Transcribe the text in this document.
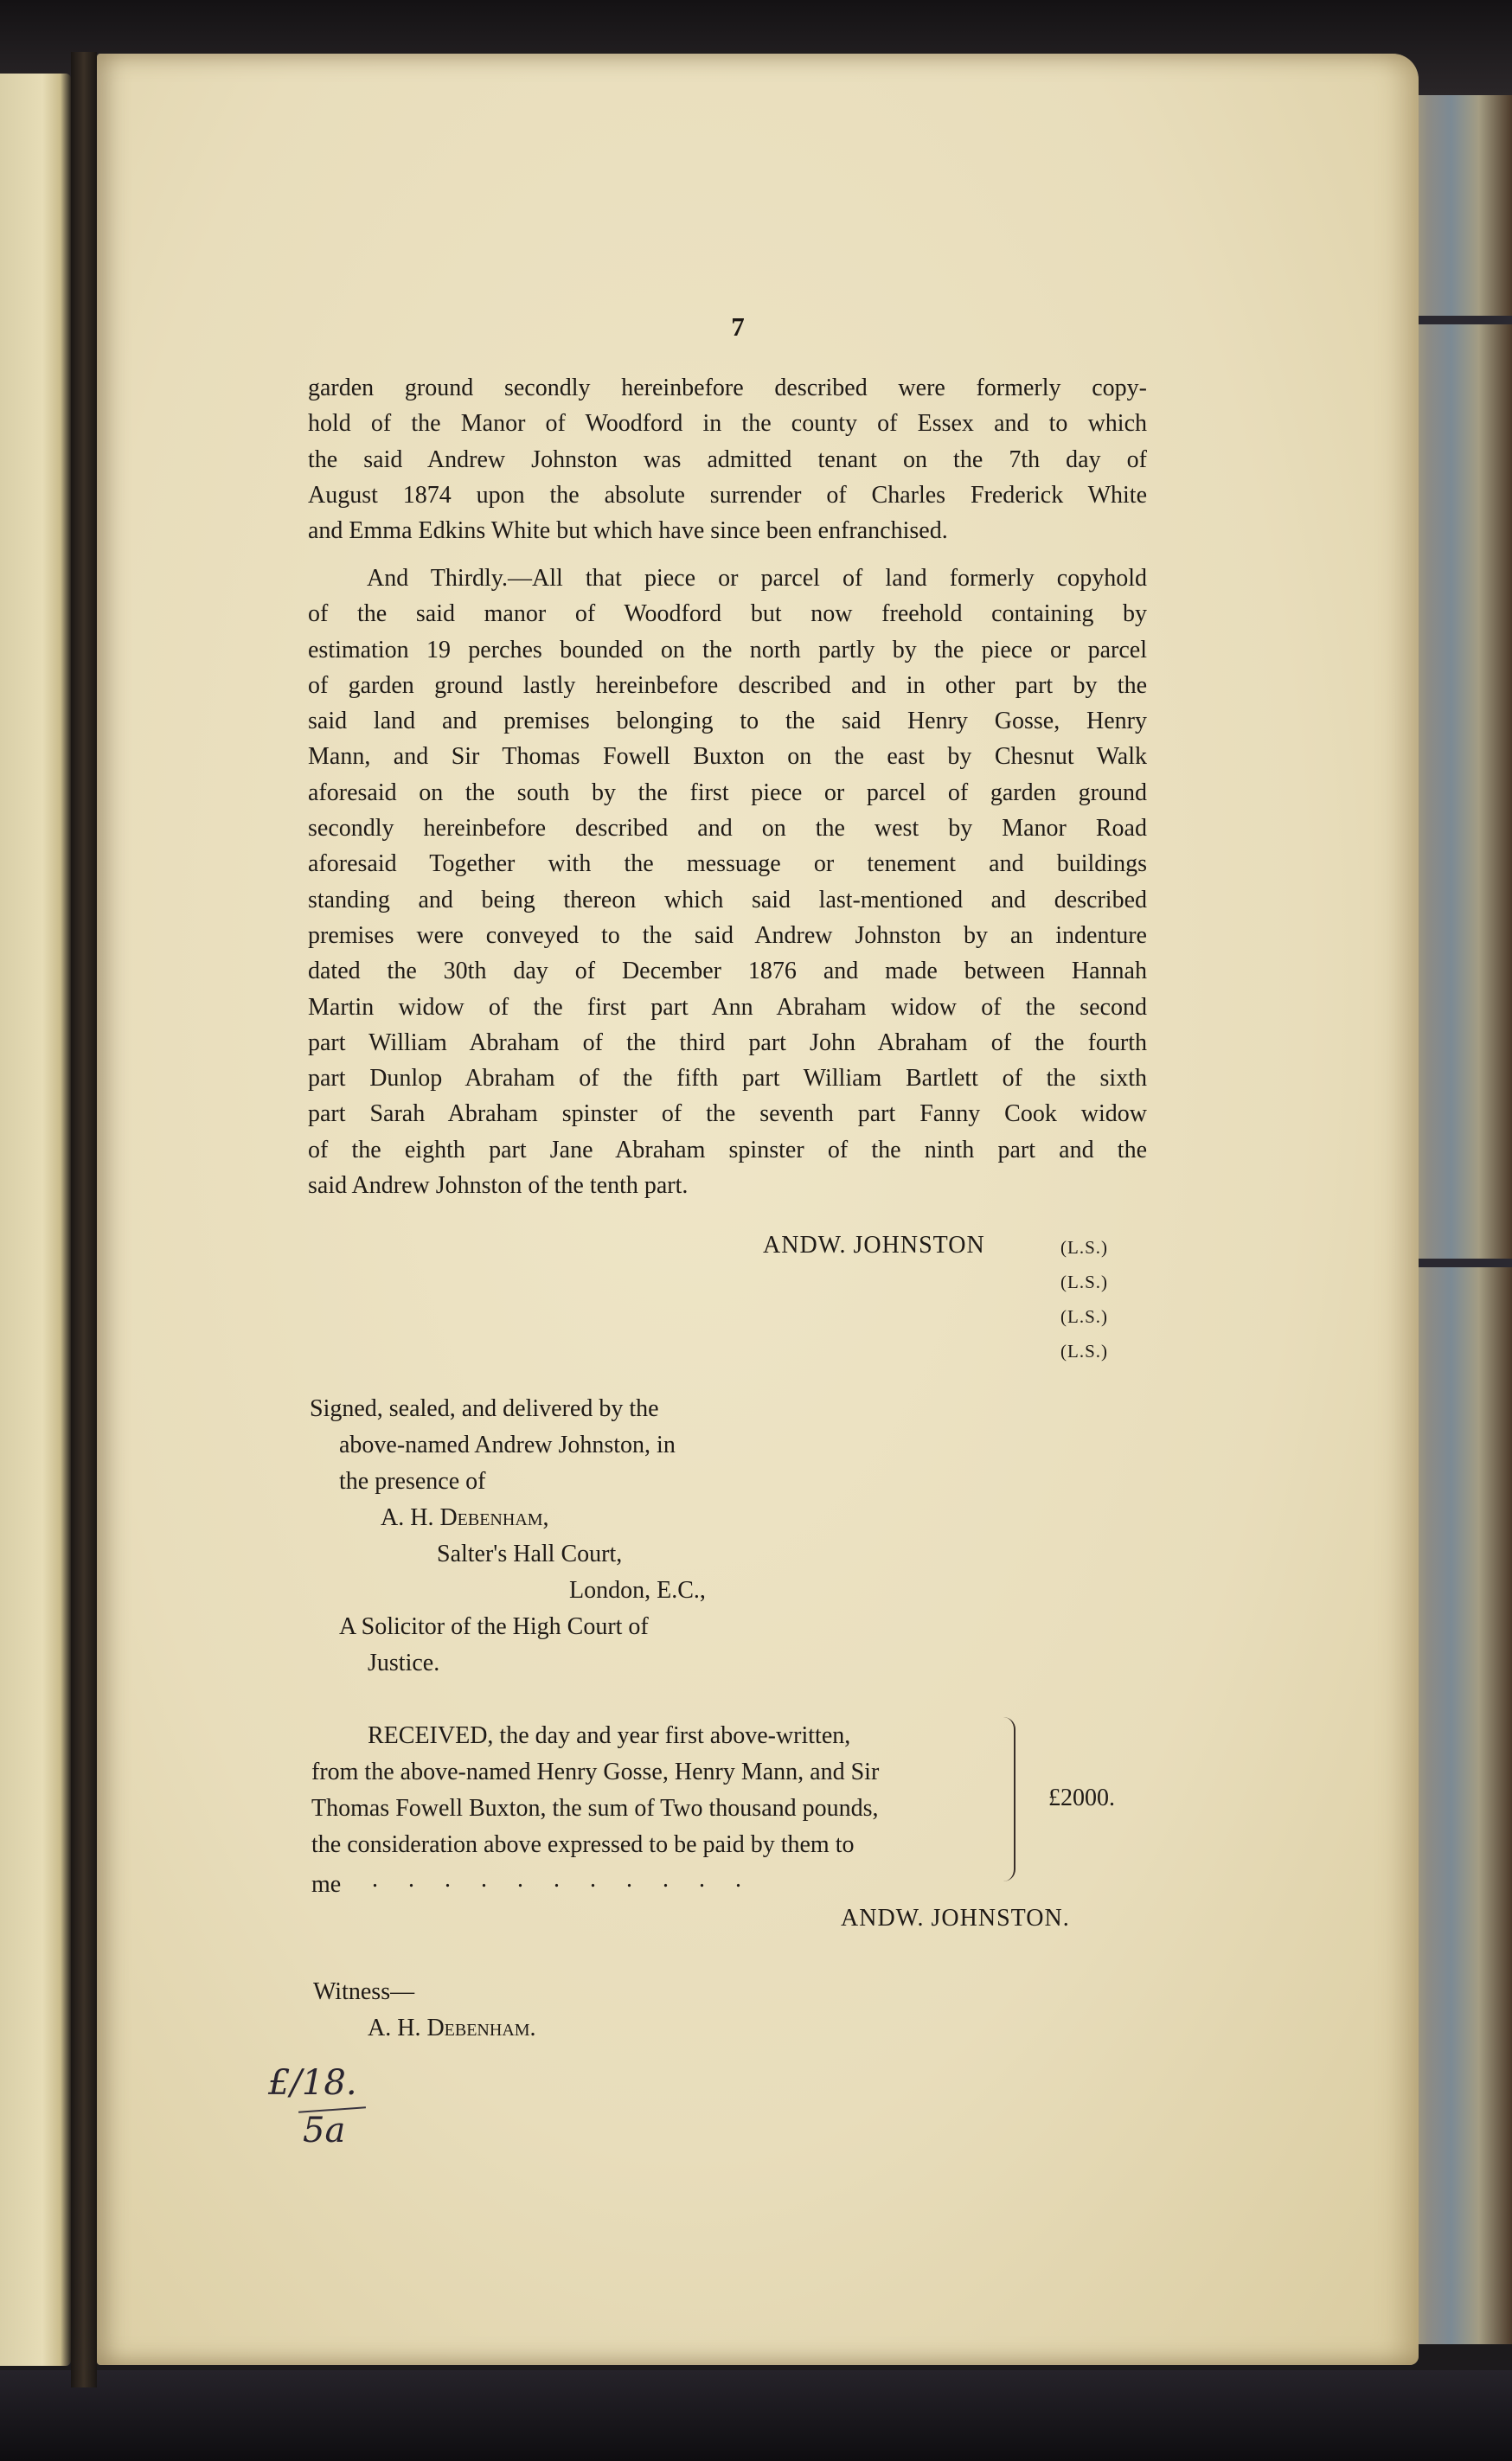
7
garden ground secondly hereinbefore described were formerly copy-
hold of the Manor of Woodford in the county of Essex and to which
the said Andrew Johnston was admitted tenant on the 7th day of
August 1874 upon the absolute surrender of Charles Frederick White
and Emma Edkins White but which have since been enfranchised.
And Thirdly.—All that piece or parcel of land formerly copyhold
of the said manor of Woodford but now freehold containing by
estimation 19 perches bounded on the north partly by the piece or parcel
of garden ground lastly hereinbefore described and in other part by the
said land and premises belonging to the said Henry Gosse, Henry
Mann, and Sir Thomas Fowell Buxton on the east by Chesnut Walk
aforesaid on the south by the first piece or parcel of garden ground
secondly hereinbefore described and on the west by Manor Road
aforesaid Together with the messuage or tenement and buildings
standing and being thereon which said last-mentioned and described
premises were conveyed to the said Andrew Johnston by an indenture
dated the 30th day of December 1876 and made between Hannah
Martin widow of the first part Ann Abraham widow of the second
part William Abraham of the third part John Abraham of the fourth
part Dunlop Abraham of the fifth part William Bartlett of the sixth
part Sarah Abraham spinster of the seventh part Fanny Cook widow
of the eighth part Jane Abraham spinster of the ninth part and the
said Andrew Johnston of the tenth part.
ANDW. JOHNSTON	(L.S.)
(L.S.)
(L.S.)
(L.S.)
Signed, sealed, and delivered by the
above-named Andrew Johnston, in
the presence of
A. H. Debenham,
Salter's Hall Court,
London, E.C.,
A Solicitor of the High Court of
Justice.
RECEIVED, the day and year first above-written,
from the above-named Henry Gosse, Henry Mann, and Sir
Thomas Fowell Buxton, the sum of Two thousand pounds,
the consideration above expressed to be paid by them to
me . . . . . . . . . . .
£2000.
ANDW. JOHNSTON.
Witness—
A. H. Debenham.
£/18.
5a
